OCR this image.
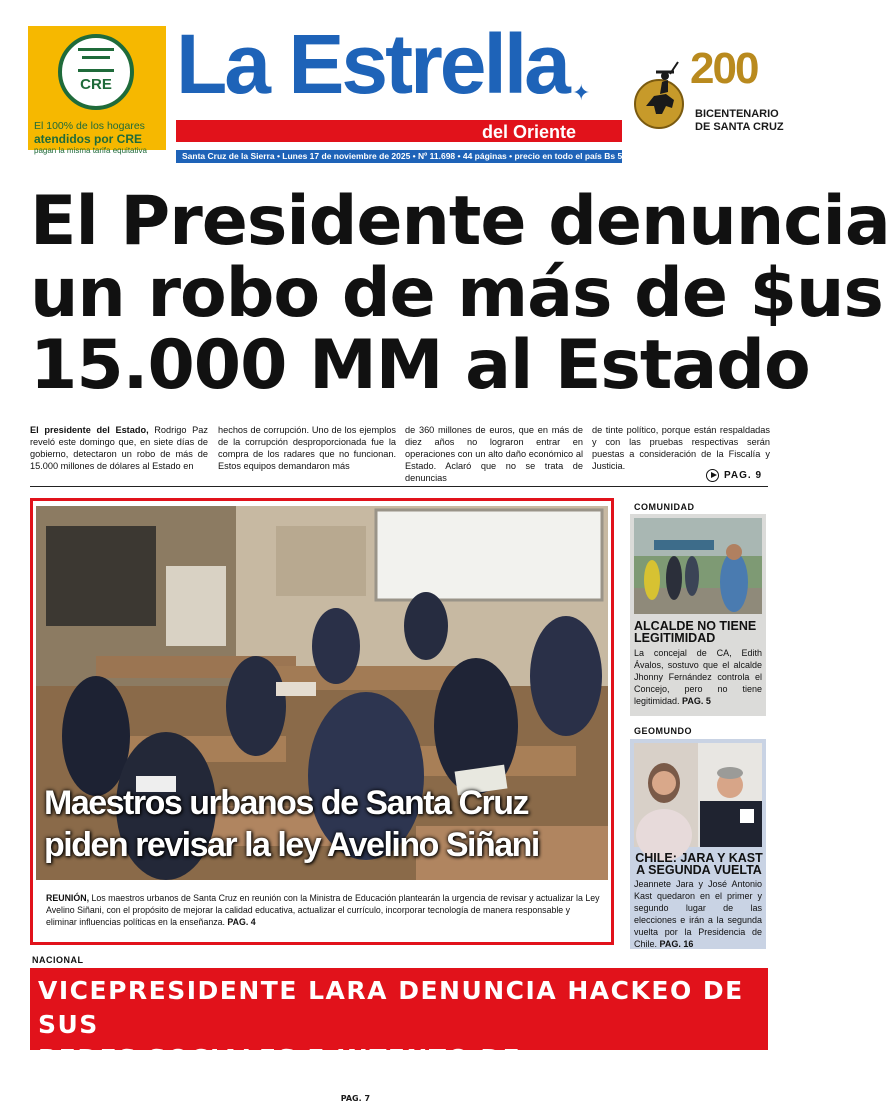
CRE
El 100% de los hogares
atendidos por CRE
pagan la misma tarifa equitativa
La Estrella ✦
del Oriente
Santa Cruz de la Sierra • Lunes 17 de noviembre de 2025 • Nº 11.698 • 44 páginas • precio en todo el país Bs 5,00
200
BICENTENARIO
DE SANTA CRUZ
El Presidente denuncia
un robo de más de $us
15.000 MM al Estado
El presidente del Estado, Rodrigo Paz reveló este domingo que, en siete días de gobierno, detectaron un robo de más de 15.000 millones de dólares al Estado en
hechos de corrupción. Uno de los ejemplos de la corrupción desproporcionada fue la compra de los radares que no funcionan. Estos equipos demandaron más
de 360 millones de euros, que en más de diez años no lograron entrar en operaciones con un alto daño económico al Estado. Aclaró que no se trata de denuncias
de tinte político, porque están respaldadas y con las pruebas respectivas serán puestas a consideración de la Fiscalía y Justicia.
PAG. 9
Maestros urbanos de Santa Cruz
piden revisar la ley Avelino Siñani
REUNIÓN, Los maestros urbanos de Santa Cruz en reunión con la Ministra de Educación plantearán la urgencia de revisar y actualizar la Ley Avelino Siñani, con el propósito de mejorar la calidad educativa, actualizar el currículo, incorporar tecnología de manera responsable y eliminar influencias políticas en la enseñanza. PAG. 4
COMUNIDAD
ALCALDE NO TIENE LEGITIMIDAD
La concejal de CA, Edith Ávalos, sostuvo que el alcalde Jhonny Fernández controla el Concejo, pero no tiene legitimidad. PAG. 5
GEOMUNDO
CHILE: JARA Y KAST A SEGUNDA VUELTA
Jeannete Jara y José Antonio Kast quedaron en el primer y segundo lugar de las elecciones e irán a la segunda vuelta por la Presidencia de Chile. PAG. 16
NACIONAL
VICEPRESIDENTE LARA DENUNCIA HACKEO DE SUS
REDES SOCIALES E INTENTO DE DESPRESTIGIARLO. PAG. 7
